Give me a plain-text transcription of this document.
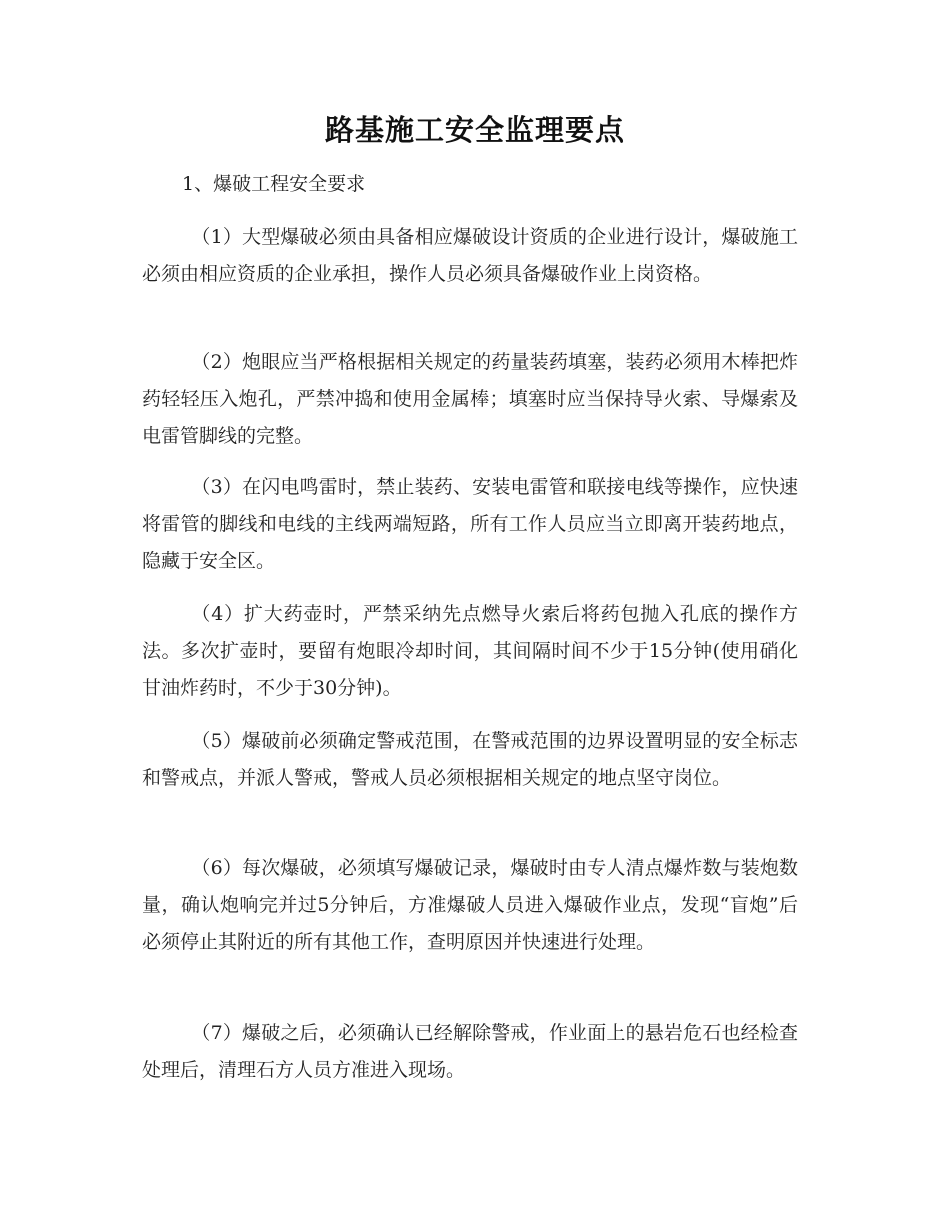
路基施工安全监理要点

1、爆破工程安全要求

（1）大型爆破必须由具备相应爆破设计资质的企业进行设计，爆破施工必须由相应资质的企业承担，操作人员必须具备爆破作业上岗资格。

（2）炮眼应当严格根据相关规定的药量装药填塞，装药必须用木棒把炸药轻轻压入炮孔，严禁冲捣和使用金属棒；填塞时应当保持导火索、导爆索及电雷管脚线的完整。

（3）在闪电鸣雷时，禁止装药、安装电雷管和联接电线等操作，应快速将雷管的脚线和电线的主线两端短路，所有工作人员应当立即离开装药地点，隐藏于安全区。

（4）扩大药壶时，严禁采纳先点燃导火索后将药包抛入孔底的操作方法。多次扩壶时，要留有炮眼冷却时间，其间隔时间不少于15分钟(使用硝化甘油炸药时，不少于30分钟)。

（5）爆破前必须确定警戒范围，在警戒范围的边界设置明显的安全标志和警戒点，并派人警戒，警戒人员必须根据相关规定的地点坚守岗位。

（6）每次爆破，必须填写爆破记录，爆破时由专人清点爆炸数与装炮数量，确认炮响完并过5分钟后，方准爆破人员进入爆破作业点，发现“盲炮”后必须停止其附近的所有其他工作，查明原因并快速进行处理。

（7）爆破之后，必须确认已经解除警戒，作业面上的悬岩危石也经检查处理后，清理石方人员方准进入现场。
